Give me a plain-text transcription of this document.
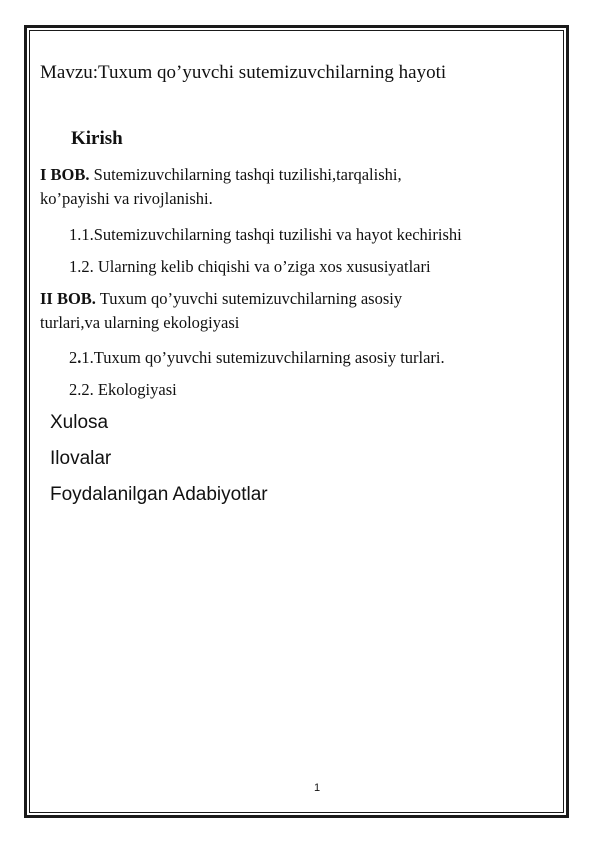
Mavzu:Tuxum qo’yuvchi sutemizuvchilarning hayoti
Kirish
I BOB. Sutemizuvchilarning tashqi tuzilishi,tarqalishi,
ko’payishi va rivojlanishi.
1.1.Sutemizuvchilarning tashqi tuzilishi va hayot kechirishi
1.2. Ularning kelib chiqishi va o’ziga xos xususiyatlari
II BOB. Tuxum qo’yuvchi sutemizuvchilarning asosiy
turlari,va ularning ekologiyasi
2.1.Tuxum qo’yuvchi sutemizuvchilarning asosiy turlari.
2.2. Ekologiyasi
Xulosa
Ilovalar
Foydalanilgan Adabiyotlar
1
